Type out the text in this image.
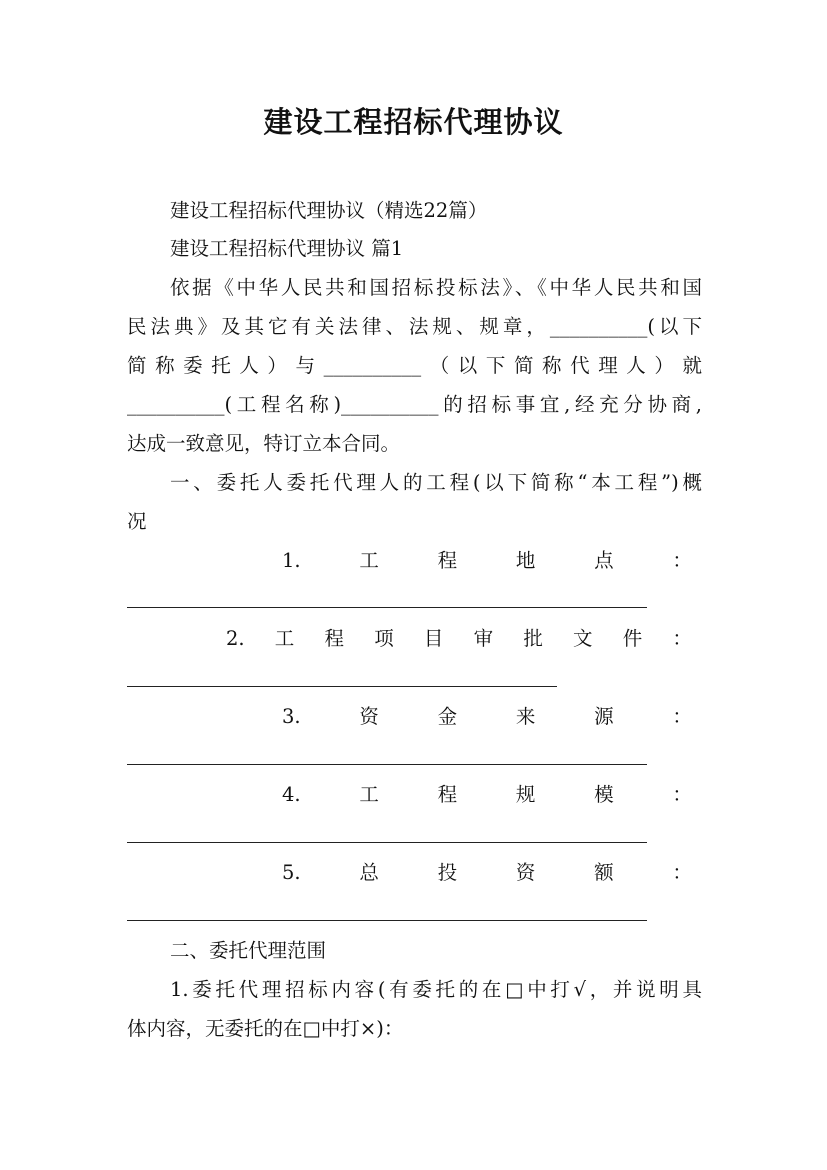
建设工程招标代理协议
建设工程招标代理协议（精选22篇）
建设工程招标代理协议 篇1
依据《中华人民共和国招标投标法》、《中华人民共和国
民法典》及其它有关法律、法规、规章，__________(以下
简称委托人）与__________（以下简称代理人）就
__________(工程名称)__________的招标事宜,经充分协商,
达成一致意见，特订立本合同。
一、委托人委托代理人的工程(以下简称“本工程”)概
况
1.	工	程	地	点	：
2. 工 程 项 目 审 批 文 件 ：
3.	资	金	来	源	：
4.	工	程	规	模	：
5.	总	投	资	额	：
二、委托代理范围
1.委托代理招标内容(有委托的在□中打√，并说明具
体内容，无委托的在□中打×)：
